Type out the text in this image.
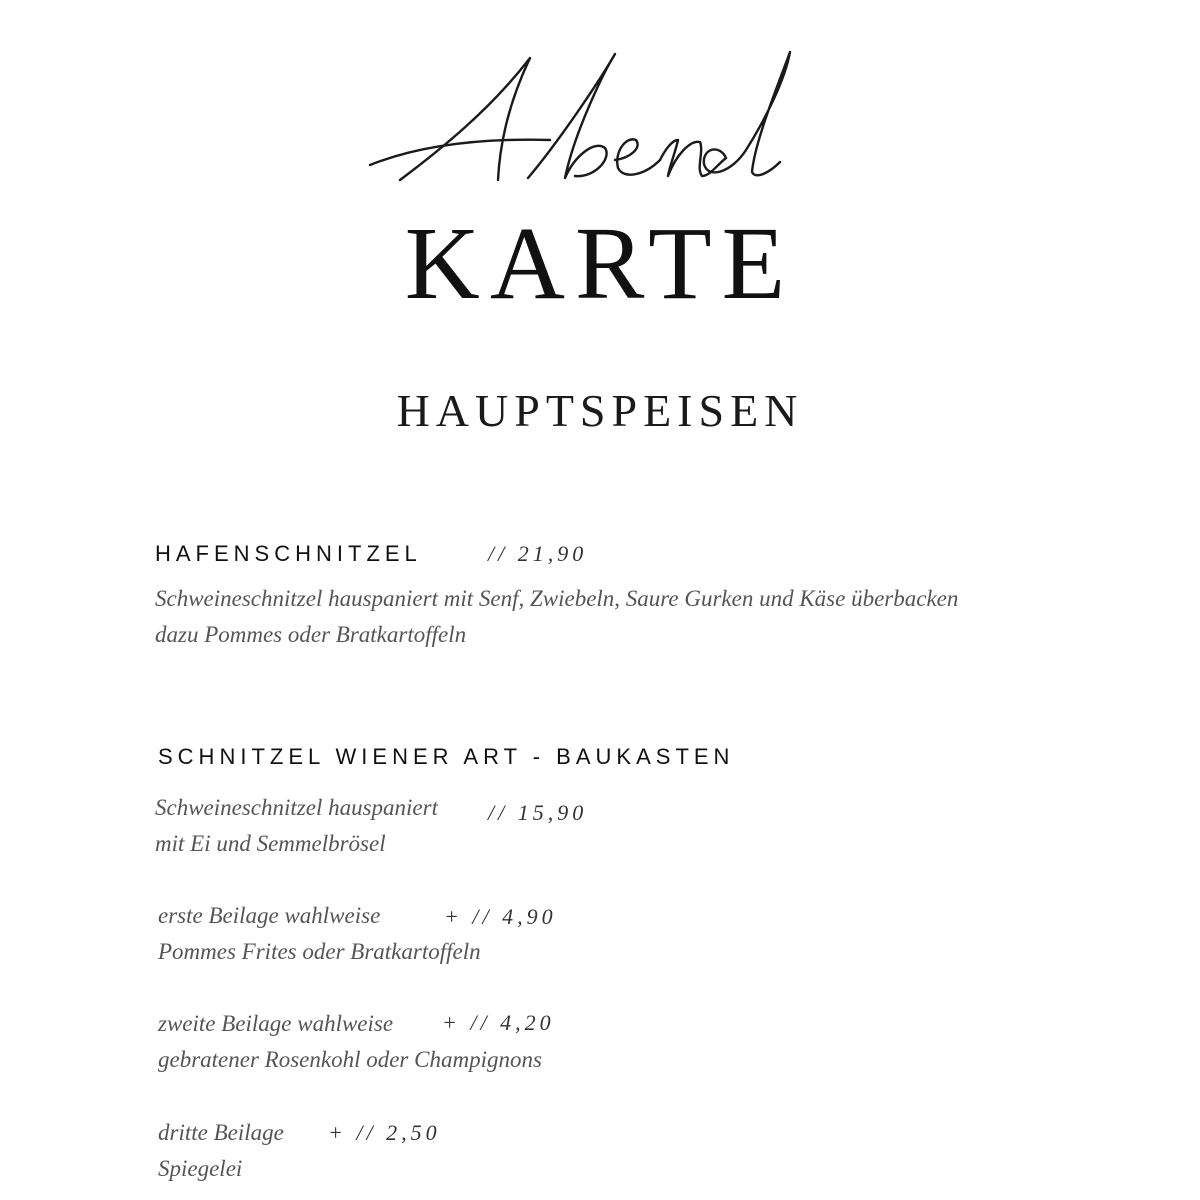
KARTE
HAUPTSPEISEN
HAFENSCHNITZEL	// 21,90
Schweineschnitzel hauspaniert mit Senf, Zwiebeln, Saure Gurken und Käse überbacken
dazu Pommes oder Bratkartoffeln
SCHNITZEL WIENER ART - BAUKASTEN
Schweineschnitzel hauspaniert
mit Ei und Semmelbrösel
// 15,90
erste Beilage wahlweise
Pommes Frites oder Bratkartoffeln
+ // 4,90
zweite Beilage wahlweise
gebratener Rosenkohl oder Champignons
+ // 4,20
dritte Beilage
Spiegelei
+ // 2,50
